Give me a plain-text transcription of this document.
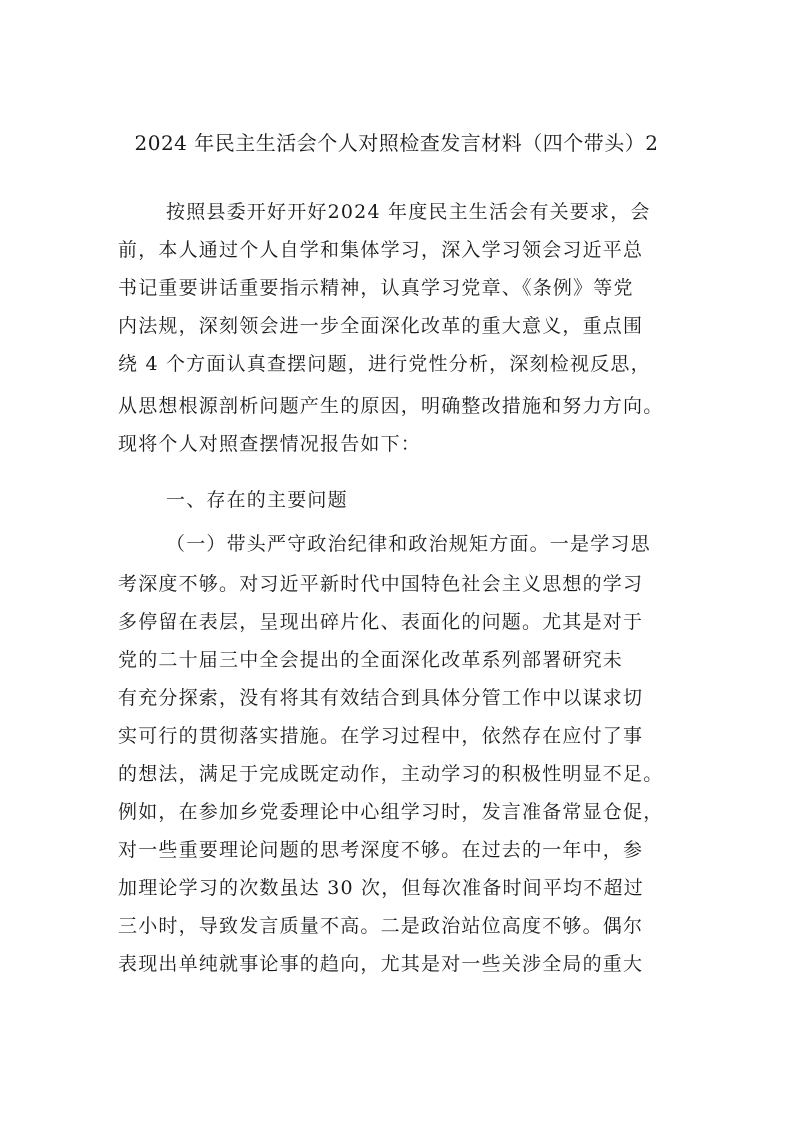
2024 年民主生活会个人对照检查发言材料（四个带头）2
按照县委开好开好2024 年度民主生活会有关要求，会
前，本人通过个人自学和集体学习，深入学习领会习近平总
书记重要讲话重要指示精神，认真学习党章、《条例》等党
内法规，深刻领会进一步全面深化改革的重大意义，重点围
绕 4 个方面认真查摆问题，进行党性分析，深刻检视反思，
从思想根源剖析问题产生的原因，明确整改措施和努力方向。
现将个人对照查摆情况报告如下：
一、存在的主要问题
（一）带头严守政治纪律和政治规矩方面。一是学习思
考深度不够。对习近平新时代中国特色社会主义思想的学习
多停留在表层，呈现出碎片化、表面化的问题。尤其是对于
党的二十届三中全会提出的全面深化改革系列部署研究未
有充分探索，没有将其有效结合到具体分管工作中以谋求切
实可行的贯彻落实措施。在学习过程中，依然存在应付了事
的想法，满足于完成既定动作，主动学习的积极性明显不足。
例如，在参加乡党委理论中心组学习时，发言准备常显仓促，
对一些重要理论问题的思考深度不够。在过去的一年中，参
加理论学习的次数虽达 30 次，但每次准备时间平均不超过
三小时，导致发言质量不高。二是政治站位高度不够。偶尔
表现出单纯就事论事的趋向，尤其是对一些关涉全局的重大
